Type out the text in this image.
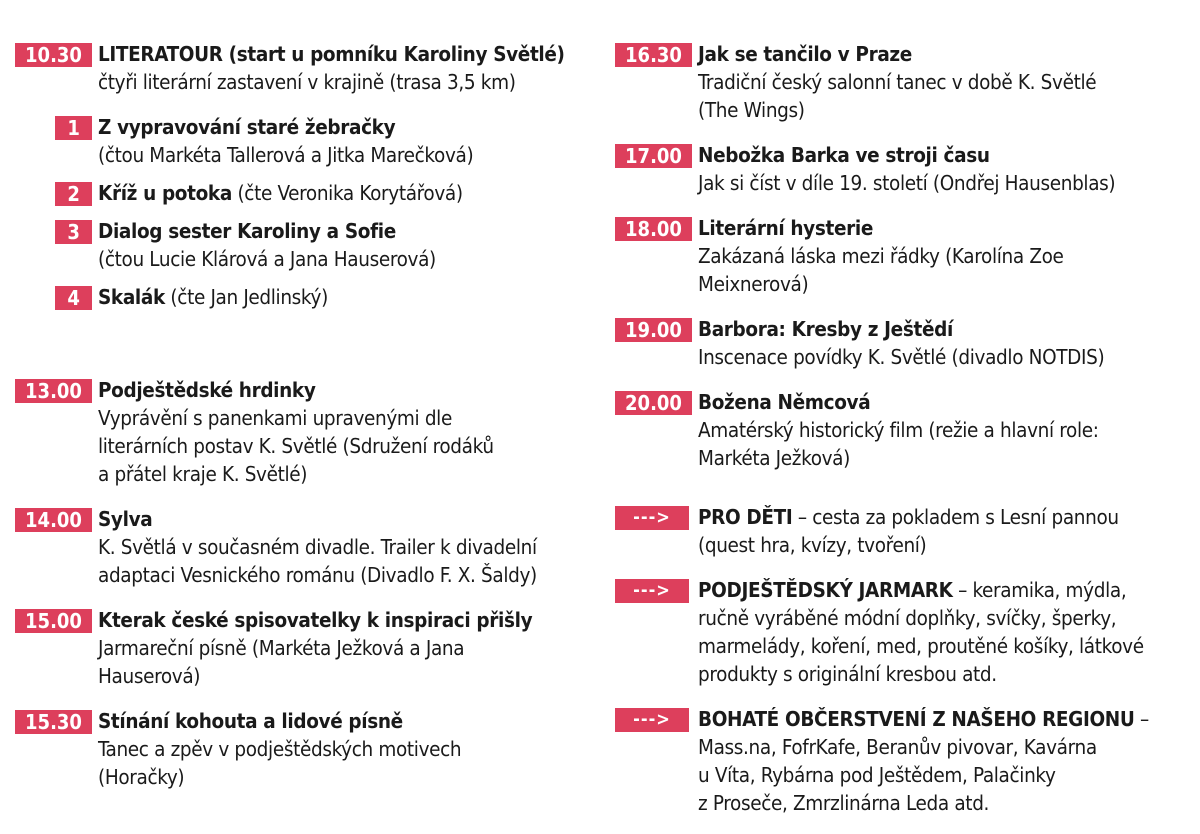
10.30 LITERATOUR (start u pomníku Karoliny Světlé)
čtyři literární zastavení v krajině (trasa 3,5 km)
1 Z vypravování staré žebračky
(čtou Markéta Tallerová a Jitka Marečková)
2 Kříž u potoka (čte Veronika Korytářová)
3 Dialog sester Karoliny a Sofie
(čtou Lucie Klárová a Jana Hauserová)
4 Skalák (čte Jan Jedlinský)
13.00 Podještědské hrdinky
Vyprávění s panenkami upravenými dle
literárních postav K. Světlé (Sdružení rodáků
a přátel kraje K. Světlé)
14.00 Sylva
K. Světlá v současném divadle. Trailer k divadelní
adaptaci Vesnického románu (Divadlo F. X. Šaldy)
15.00 Kterak české spisovatelky k inspiraci přišly
Jarmareční písně (Markéta Ježková a Jana
Hauserová)
15.30 Stínání kohouta a lidové písně
Tanec a zpěv v podještědských motivech
(Horačky)
16.30 Jak se tančilo v Praze
Tradiční český salonní tanec v době K. Světlé
(The Wings)
17.00 Nebožka Barka ve stroji času
Jak si číst v díle 19. století (Ondřej Hausenblas)
18.00 Literární hysterie
Zakázaná láska mezi řádky (Karolína Zoe
Meixnerová)
19.00 Barbora: Kresby z Ještědí
Inscenace povídky K. Světlé (divadlo NOTDIS)
20.00 Božena Němcová
Amatérský historický film (režie a hlavní role:
Markéta Ježková)
--->	PRO DĚTI – cesta za pokladem s Lesní pannou
(quest hra, kvízy, tvoření)
--->	PODJEŠTĚDSKÝ JARMARK – keramika, mýdla,
ručně vyráběné módní doplňky, svíčky, šperky,
marmelády, koření, med, proutěné košíky, látkové
produkty s originální kresbou atd.
--->	BOHATÉ OBČERSTVENÍ Z NAŠEHO REGIONU –
Mass.na, FofrKafe, Beranův pivovar, Kavárna
u Víta, Rybárna pod Ještědem, Palačinky
z Proseče, Zmrzlinárna Leda atd.
